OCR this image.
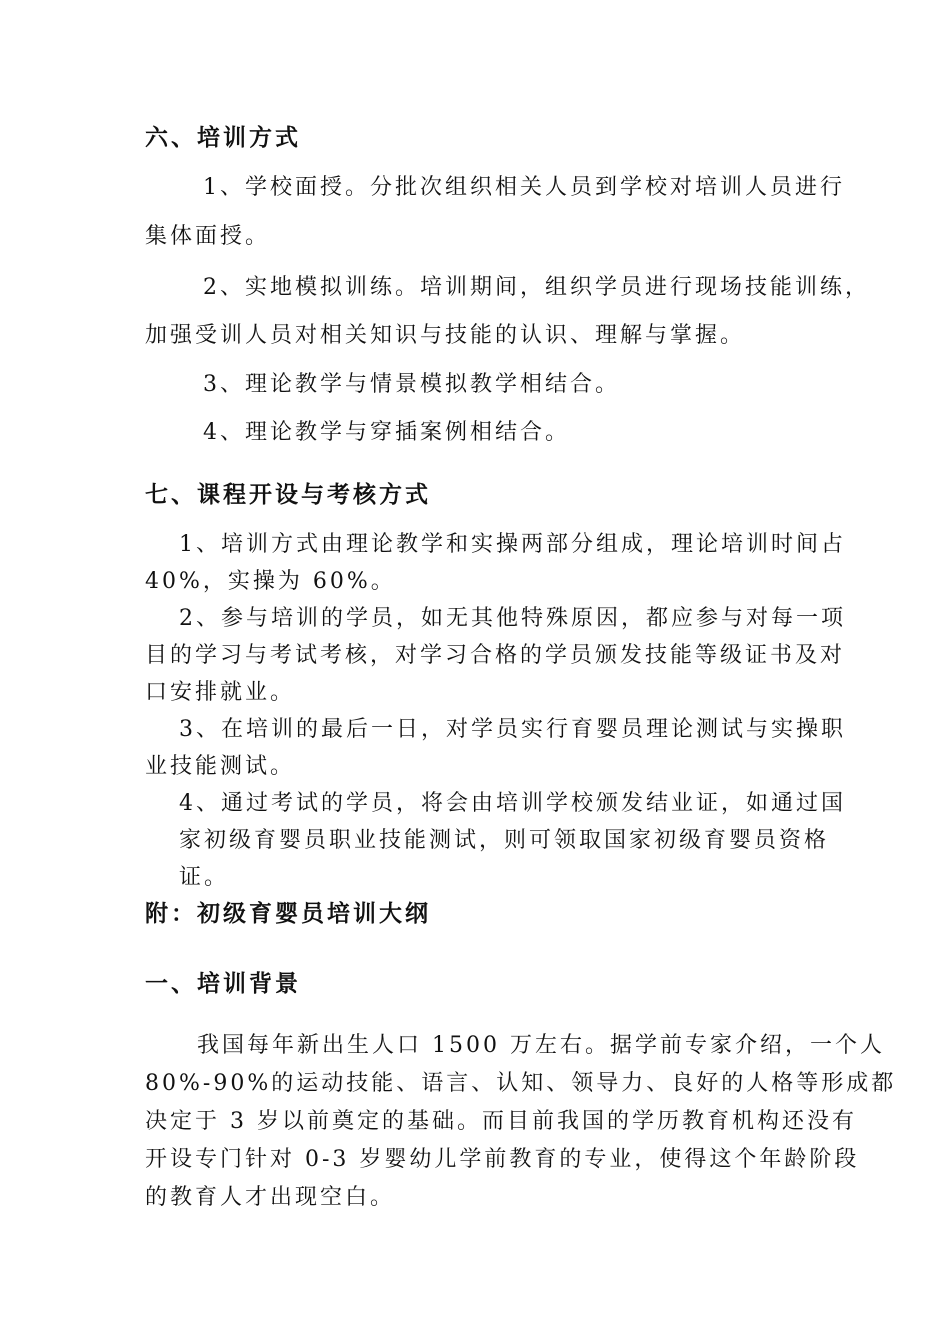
六、培训方式
1、学校面授。分批次组织相关人员到学校对培训人员进行
集体面授。
2、实地模拟训练。培训期间，组织学员进行现场技能训练，
加强受训人员对相关知识与技能的认识、理解与掌握。
3、理论教学与情景模拟教学相结合。
4、理论教学与穿插案例相结合。
七、课程开设与考核方式
1、培训方式由理论教学和实操两部分组成，理论培训时间占
40%，实操为 60%。
2、参与培训的学员，如无其他特殊原因，都应参与对每一项
目的学习与考试考核，对学习合格的学员颁发技能等级证书及对
口安排就业。
3、在培训的最后一日，对学员实行育婴员理论测试与实操职
业技能测试。
4、通过考试的学员，将会由培训学校颁发结业证，如通过国
家初级育婴员职业技能测试，则可领取国家初级育婴员资格
证。
附：初级育婴员培训大纲
一、培训背景
我国每年新出生人口 1500 万左右。据学前专家介绍，一个人
80%-90%的运动技能、语言、认知、领导力、良好的人格等形成都
决定于 3 岁以前奠定的基础。而目前我国的学历教育机构还没有
开设专门针对 0-3 岁婴幼儿学前教育的专业，使得这个年龄阶段
的教育人才出现空白。
